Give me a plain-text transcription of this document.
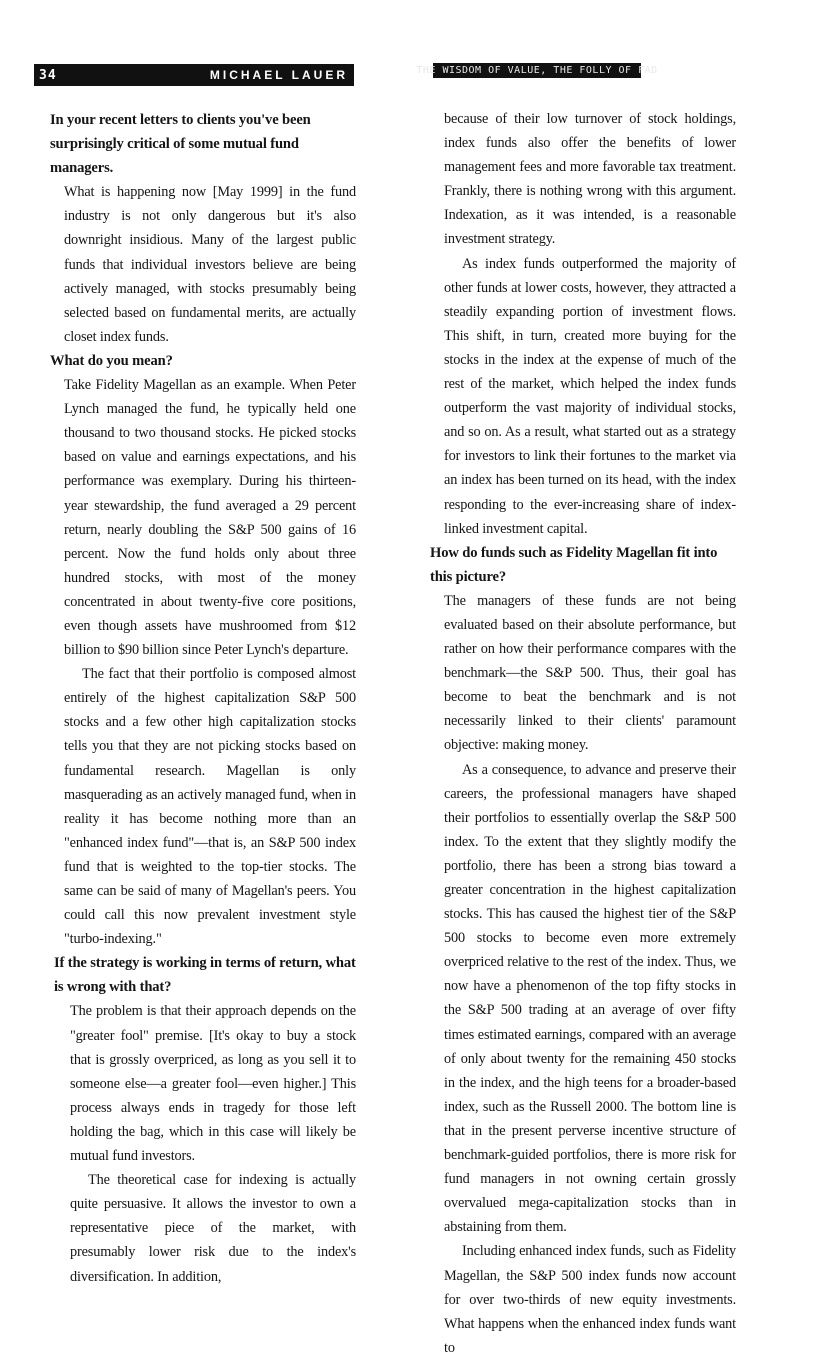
34	MICHAEL LAUER	THE WISDOM OF VALUE, THE FOLLY OF FAD

In your recent letters to clients you've been surprisingly critical of some mutual fund managers.

What is happening now [May 1999] in the fund industry is not only dangerous but it's also downright insidious. Many of the largest public funds that individual investors believe are being actively managed, with stocks presumably being selected based on fundamental merits, are actually closet index funds.

What do you mean?

Take Fidelity Magellan as an example. When Peter Lynch managed the fund, he typically held one thousand to two thousand stocks. He picked stocks based on value and earnings expectations, and his performance was exemplary. During his thirteen-year stewardship, the fund averaged a 29 percent return, nearly doubling the S&P 500 gains of 16 percent. Now the fund holds only about three hundred stocks, with most of the money concentrated in about twenty-five core positions, even though assets have mushroomed from $12 billion to $90 billion since Peter Lynch's departure.

The fact that their portfolio is composed almost entirely of the highest capitalization S&P 500 stocks and a few other high capitalization stocks tells you that they are not picking stocks based on fundamental research. Magellan is only masquerading as an actively managed fund, when in reality it has become nothing more than an "enhanced index fund"—that is, an S&P 500 index fund that is weighted to the top-tier stocks. The same can be said of many of Magellan's peers. You could call this now prevalent investment style "turbo-indexing."

If the strategy is working in terms of return, what is wrong with that?

The problem is that their approach depends on the "greater fool" premise. [It's okay to buy a stock that is grossly overpriced, as long as you sell it to someone else—a greater fool—even higher.] This process always ends in tragedy for those left holding the bag, which in this case will likely be mutual fund investors.

The theoretical case for indexing is actually quite persuasive. It allows the investor to own a representative piece of the market, with presumably lower risk due to the index's diversification. In addition,

because of their low turnover of stock holdings, index funds also offer the benefits of lower management fees and more favorable tax treatment. Frankly, there is nothing wrong with this argument. Indexation, as it was intended, is a reasonable investment strategy.

As index funds outperformed the majority of other funds at lower costs, however, they attracted a steadily expanding portion of investment flows. This shift, in turn, created more buying for the stocks in the index at the expense of much of the rest of the market, which helped the index funds outperform the vast majority of individual stocks, and so on. As a result, what started out as a strategy for investors to link their fortunes to the market via an index has been turned on its head, with the index responding to the ever-increasing share of index-linked investment capital.

How do funds such as Fidelity Magellan fit into this picture?

The managers of these funds are not being evaluated based on their absolute performance, but rather on how their performance compares with the benchmark—the S&P 500. Thus, their goal has become to beat the benchmark and is not necessarily linked to their clients' paramount objective: making money.

As a consequence, to advance and preserve their careers, the professional managers have shaped their portfolios to essentially overlap the S&P 500 index. To the extent that they slightly modify the portfolio, there has been a strong bias toward a greater concentration in the highest capitalization stocks. This has caused the highest tier of the S&P 500 stocks to become even more extremely overpriced relative to the rest of the index. Thus, we now have a phenomenon of the top fifty stocks in the S&P 500 trading at an average of over fifty times estimated earnings, compared with an average of only about twenty for the remaining 450 stocks in the index, and the high teens for a broader-based index, such as the Russell 2000. The bottom line is that in the present perverse incentive structure of benchmark-guided portfolios, there is more risk for fund managers in not owning certain grossly overvalued mega-capitalization stocks than in abstaining from them.

Including enhanced index funds, such as Fidelity Magellan, the S&P 500 index funds now account for over two-thirds of new equity investments. What happens when the enhanced index funds want to
